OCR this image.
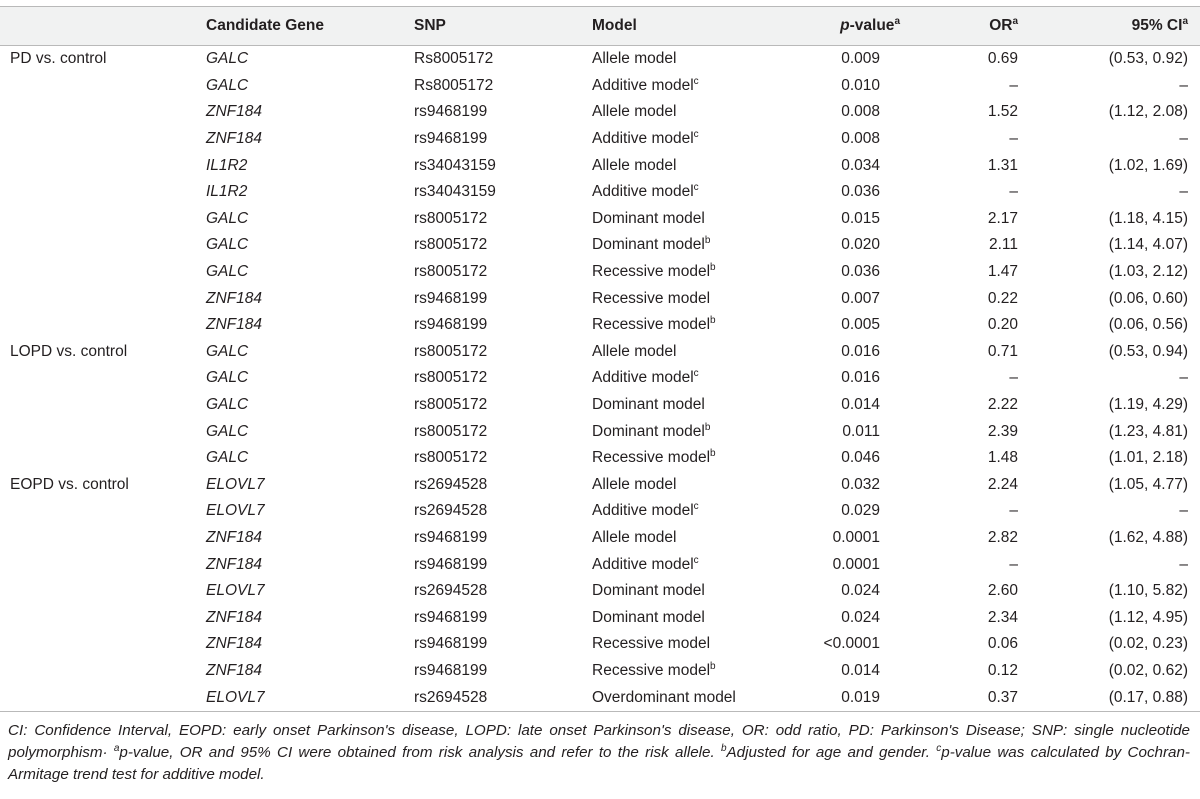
	Candidate Gene	SNP	Model	p-value$^a$	$OR^a$	95% $CI^a$
PD vs. control	GALC	Rs8005172	Allele model	0.009	0.69	(0.53, 0.92)
	GALC	Rs8005172	Additive model$^c$	0.010	–	–
	ZNF184	rs9468199	Allele model	0.008	1.52	(1.12, 2.08)
	ZNF184	rs9468199	Additive model$^c$	0.008	–	–
	IL1R2	rs34043159	Allele model	0.034	1.31	(1.02, 1.69)
	IL1R2	rs34043159	Additive model$^c$	0.036	–	–
	GALC	rs8005172	Dominant model	0.015	2.17	(1.18, 4.15)
	GALC	rs8005172	Dominant model$^b$	0.020	2.11	(1.14, 4.07)
	GALC	rs8005172	Recessive model$^b$	0.036	1.47	(1.03, 2.12)
	ZNF184	rs9468199	Recessive model	0.007	0.22	(0.06, 0.60)
	ZNF184	rs9468199	Recessive model$^b$	0.005	0.20	(0.06, 0.56)
LOPD vs. control	GALC	rs8005172	Allele model	0.016	0.71	(0.53, 0.94)
	GALC	rs8005172	Additive model$^c$	0.016	–	–
	GALC	rs8005172	Dominant model	0.014	2.22	(1.19, 4.29)
	GALC	rs8005172	Dominant model$^b$	0.011	2.39	(1.23, 4.81)
	GALC	rs8005172	Recessive model$^b$	0.046	1.48	(1.01, 2.18)
EOPD vs. control	ELOVL7	rs2694528	Allele model	0.032	2.24	(1.05, 4.77)
	ELOVL7	rs2694528	Additive model$^c$	0.029	–	–
	ZNF184	rs9468199	Allele model	0.0001	2.82	(1.62, 4.88)
	ZNF184	rs9468199	Additive model$^c$	0.0001	–	–
	ELOVL7	rs2694528	Dominant model	0.024	2.60	(1.10, 5.82)
	ZNF184	rs9468199	Dominant model	0.024	2.34	(1.12, 4.95)
	ZNF184	rs9468199	Recessive model	<0.0001	0.06	(0.02, 0.23)
	ZNF184	rs9468199	Recessive model$^b$	0.014	0.12	(0.02, 0.62)
	ELOVL7	rs2694528	Overdominant model	0.019	0.37	(0.17, 0.88)
CI: Confidence Interval, EOPD: early onset Parkinson's disease, LOPD: late onset Parkinson's disease, OR: odd ratio, PD: Parkinson's Disease; SNP: single nucleotide polymorphism· $^a$p-value, OR and 95% CI were obtained from risk analysis and refer to the risk allele. $^b$Adjusted for age and gender. $^c$p-value was calculated by Cochran-Armitage trend test for additive model.
